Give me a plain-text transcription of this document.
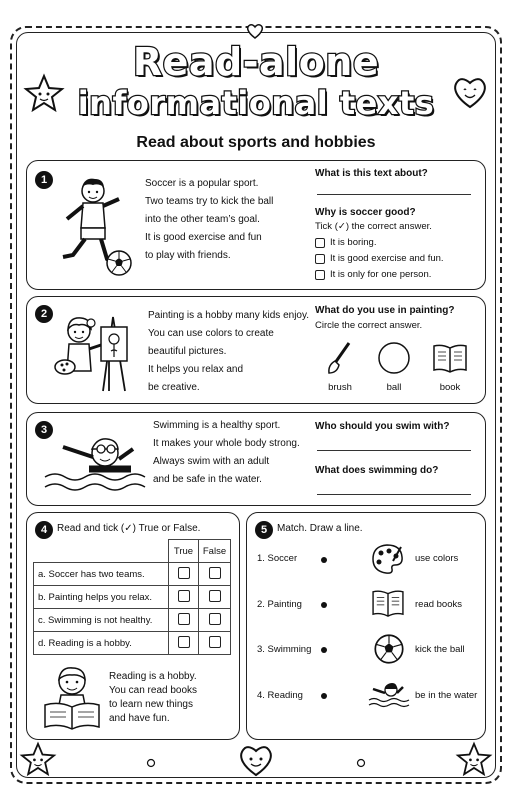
Read-alone
informational texts
Read about sports and hobbies
1	Soccer is a popular sport.
Two teams try to kick the ball
into the other team’s goal.
It is good exercise and fun
to play with friends.
What is this text about?
Why is soccer good?
Tick (✓) the correct answer.
It is boring.
It is good exercise and fun.
It is only for one person.
2	Painting is a hobby many kids enjoy.
You can use colors to create
beautiful pictures.
It helps you relax and
be creative.
What do you use in painting?
Circle the correct answer.
brush	ball	book
3	Swimming is a healthy sport.
It makes your whole body strong.
Always swim with an adult
and be safe in the water.
Who should you swim with?
What does swimming do?
4 Read and tick (✓) True or False.
	True	False
a. Soccer has two teams.		
b. Painting helps you relax.		
c. Swimming is not healthy.		
d. Reading is a hobby.		
Reading is a hobby.
You can read books
to learn new things
and have fun.
5 Match. Draw a line.
1. Soccer
2. Painting
3. Swimming
4. Reading
use colors
read books
kick the ball
be in the water
